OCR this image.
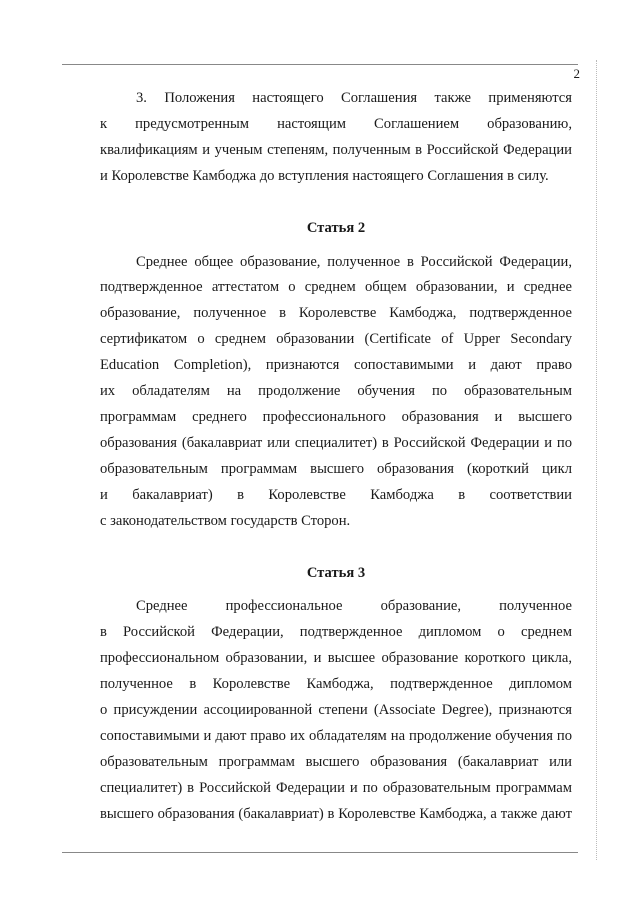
2
3. Положения настоящего Соглашения также применяются
к предусмотренным настоящим Соглашением образованию,
квалификациям и ученым степеням, полученным в Российской Федерации
и Королевстве Камбоджа до вступления настоящего Соглашения в силу.
Статья 2
Среднее общее образование, полученное в Российской Федерации,
подтвержденное аттестатом о среднем общем образовании, и среднее
образование, полученное в Королевстве Камбоджа, подтвержденное
сертификатом о среднем образовании (Certificate of Upper Secondary
Education Completion), признаются сопоставимыми и дают право
их обладателям на продолжение обучения по образовательным
программам среднего профессионального образования и высшего
образования (бакалавриат или специалитет) в Российской Федерации и по
образовательным программам высшего образования (короткий цикл
и бакалавриат) в Королевстве Камбоджа в соответствии
с законодательством государств Сторон.
Статья 3
Среднее профессиональное образование, полученное
в Российской Федерации, подтвержденное дипломом о среднем
профессиональном образовании, и высшее образование короткого цикла,
полученное в Королевстве Камбоджа, подтвержденное дипломом
о присуждении ассоциированной степени (Associate Degree), признаются
сопоставимыми и дают право их обладателям на продолжение обучения по
образовательным программам высшего образования (бакалавриат или
специалитет) в Российской Федерации и по образовательным программам
высшего образования (бакалавриат) в Королевстве Камбоджа, а также дают
